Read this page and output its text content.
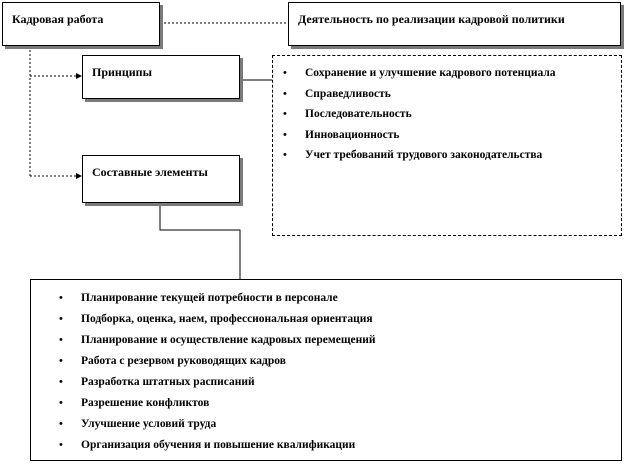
Кадровая работа	Деятельность по реализации кадровой политики
Принципы
Составные элементы
• Сохранение и улучшение кадрового потенциала
• Справедливость
• Последовательность
• Инновационность
• Учет требований трудового законодательства
• Планирование текущей потребности в персонале
• Подборка, оценка, наем, профессиональная ориентация
• Планирование и осуществление кадровых перемещений
• Работа с резервом руководящих кадров
• Разработка штатных расписаний
• Разрешение конфликтов
• Улучшение условий труда
• Организация обучения и повышение квалификации
